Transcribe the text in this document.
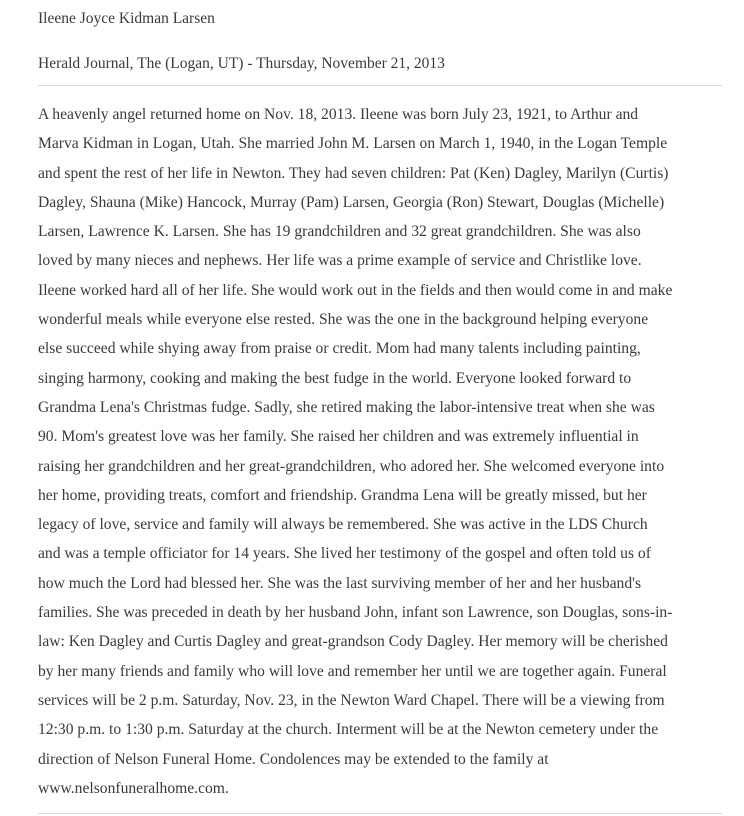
Ileene Joyce Kidman Larsen
Herald Journal, The (Logan, UT) - Thursday, November 21, 2013
A heavenly angel returned home on Nov. 18, 2013. Ileene was born July 23, 1921, to Arthur and
Marva Kidman in Logan, Utah. She married John M. Larsen on March 1, 1940, in the Logan Temple
and spent the rest of her life in Newton. They had seven children: Pat (Ken) Dagley, Marilyn (Curtis)
Dagley, Shauna (Mike) Hancock, Murray (Pam) Larsen, Georgia (Ron) Stewart, Douglas (Michelle)
Larsen, Lawrence K. Larsen. She has 19 grandchildren and 32 great grandchildren. She was also
loved by many nieces and nephews. Her life was a prime example of service and Christlike love.
Ileene worked hard all of her life. She would work out in the fields and then would come in and make
wonderful meals while everyone else rested. She was the one in the background helping everyone
else succeed while shying away from praise or credit. Mom had many talents including painting,
singing harmony, cooking and making the best fudge in the world. Everyone looked forward to
Grandma Lena's Christmas fudge. Sadly, she retired making the labor-intensive treat when she was
90. Mom's greatest love was her family. She raised her children and was extremely influential in
raising her grandchildren and her great-grandchildren, who adored her. She welcomed everyone into
her home, providing treats, comfort and friendship. Grandma Lena will be greatly missed, but her
legacy of love, service and family will always be remembered. She was active in the LDS Church
and was a temple officiator for 14 years. She lived her testimony of the gospel and often told us of
how much the Lord had blessed her. She was the last surviving member of her and her husband's
families. She was preceded in death by her husband John, infant son Lawrence, son Douglas, sons-in-
law: Ken Dagley and Curtis Dagley and great-grandson Cody Dagley. Her memory will be cherished
by her many friends and family who will love and remember her until we are together again. Funeral
services will be 2 p.m. Saturday, Nov. 23, in the Newton Ward Chapel. There will be a viewing from
12:30 p.m. to 1:30 p.m. Saturday at the church. Interment will be at the Newton cemetery under the
direction of Nelson Funeral Home. Condolences may be extended to the family at
www.nelsonfuneralhome.com.
